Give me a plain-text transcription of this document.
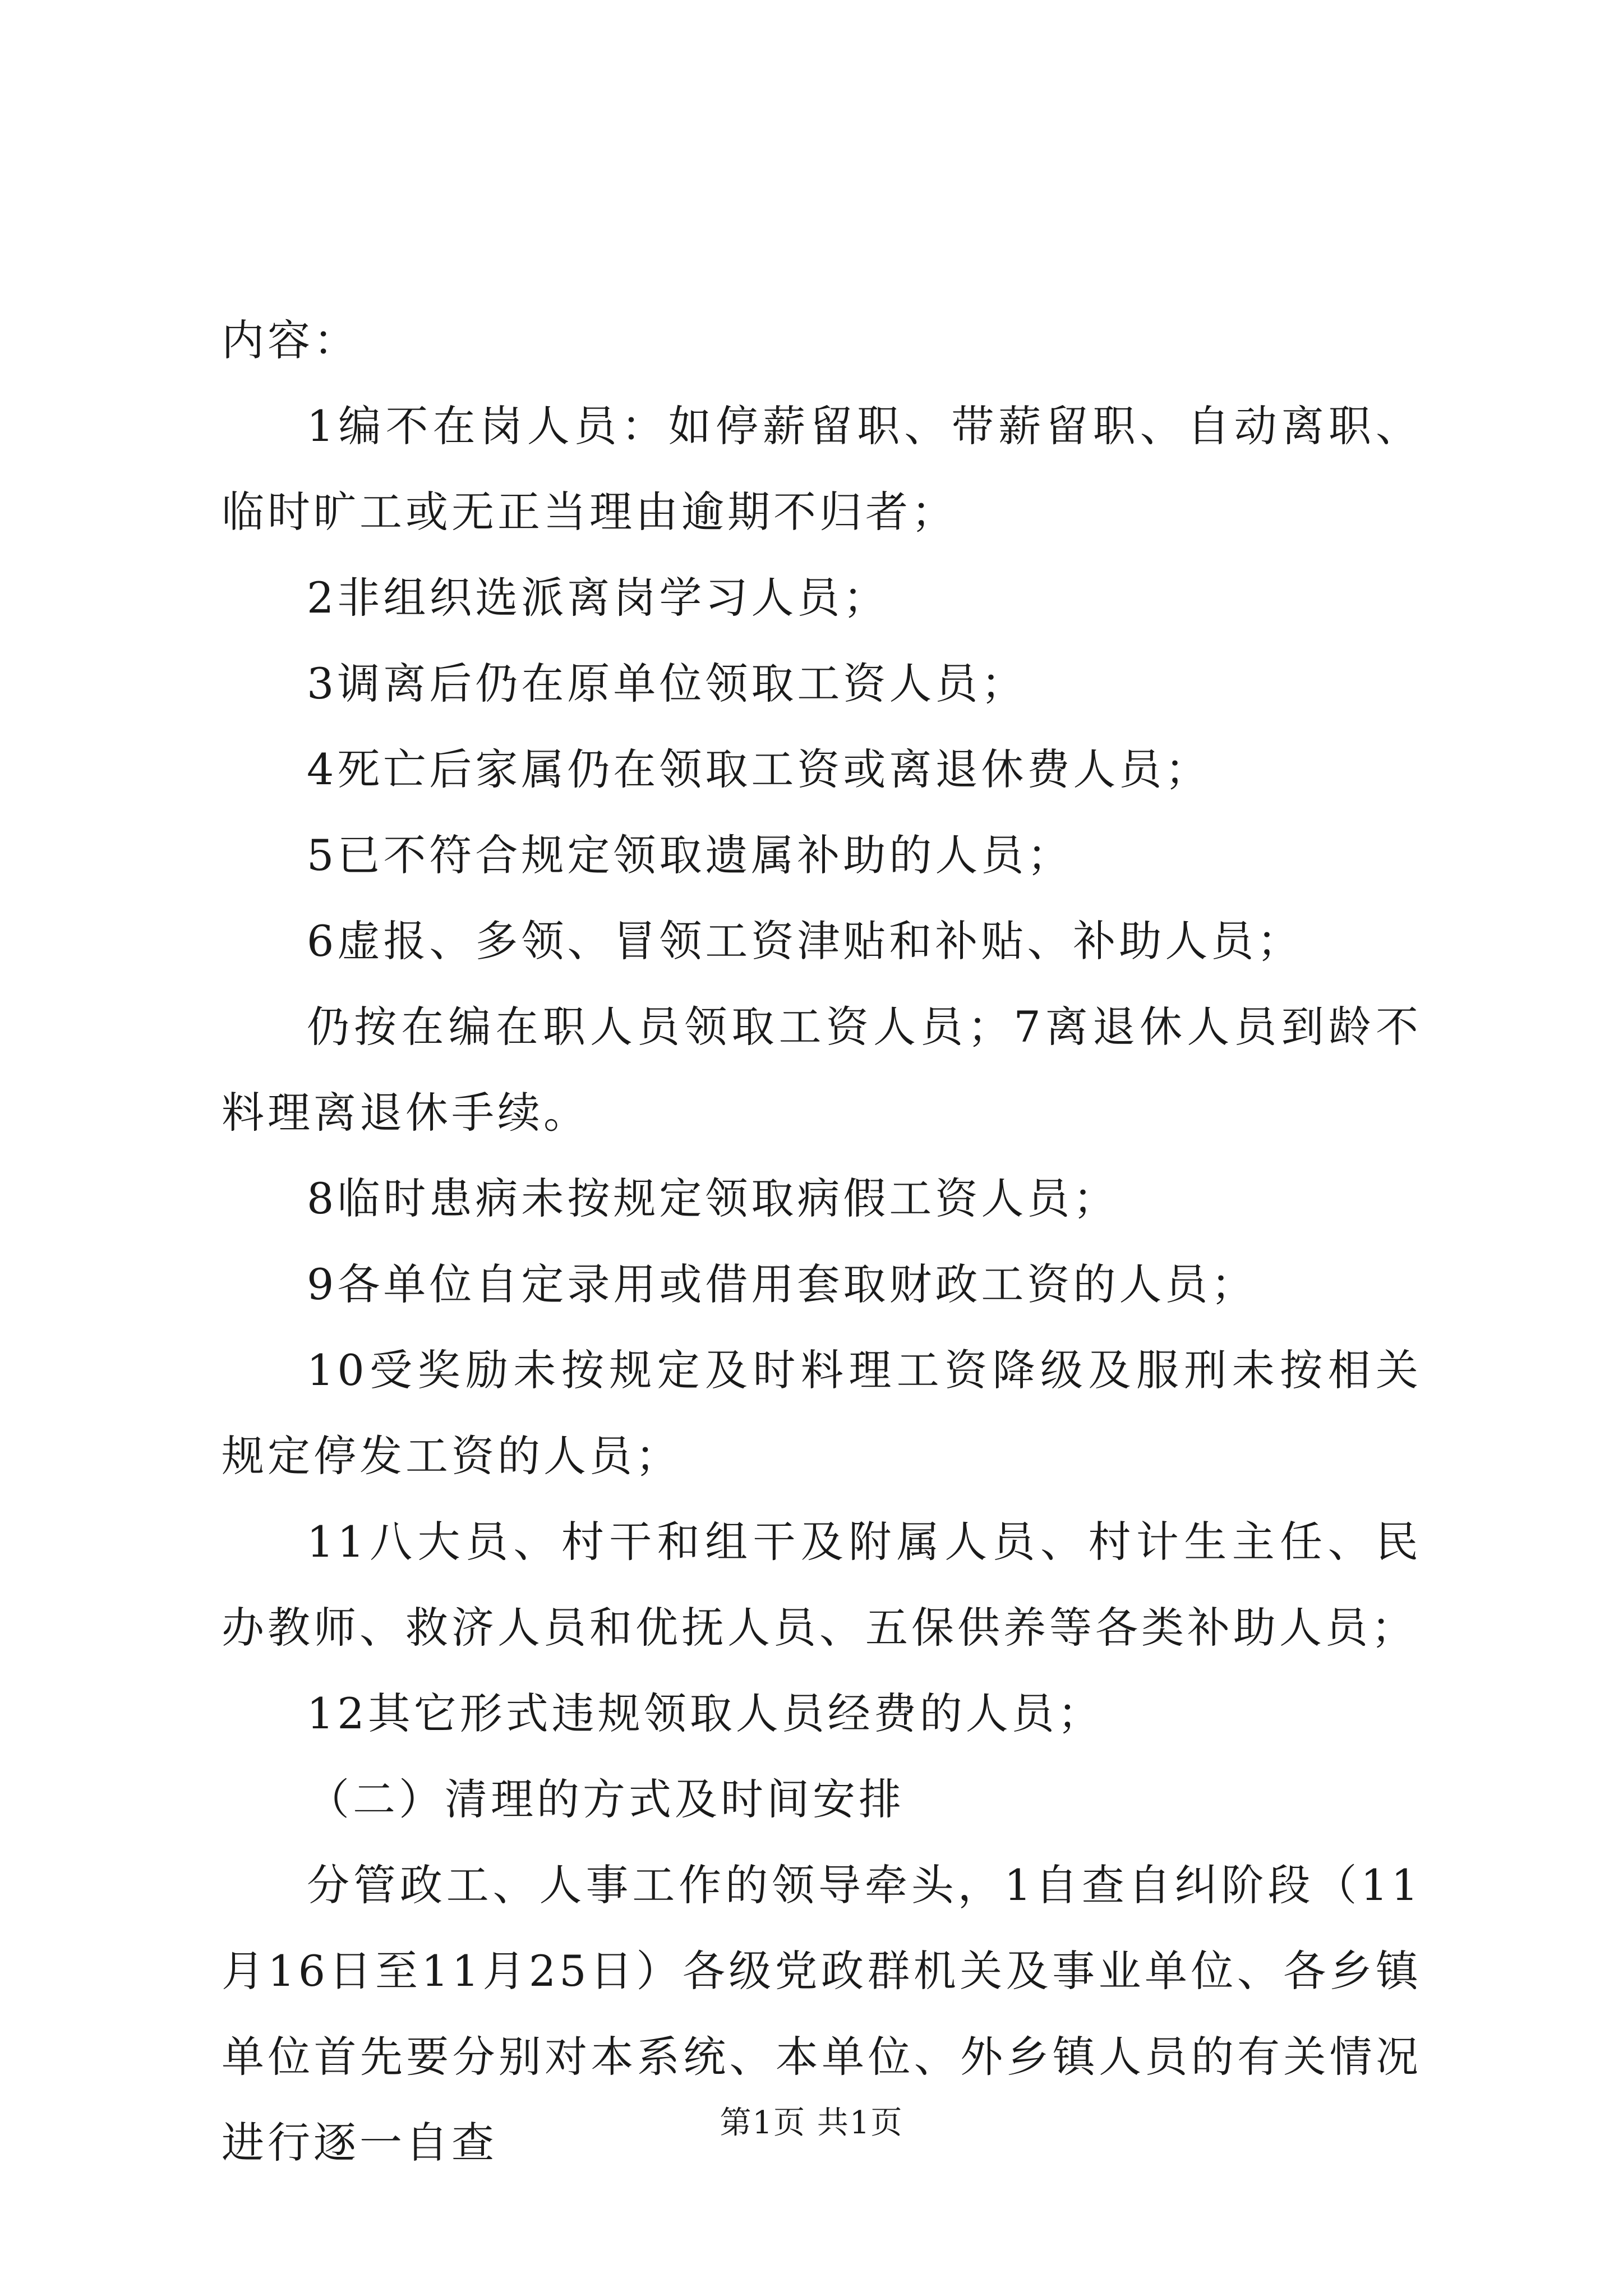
内容：

1编不在岗人员：如停薪留职、带薪留职、自动离职、临时旷工或无正当理由逾期不归者；

2非组织选派离岗学习人员；

3调离后仍在原单位领取工资人员；

4死亡后家属仍在领取工资或离退休费人员；

5已不符合规定领取遗属补助的人员；

6虚报、多领、冒领工资津贴和补贴、补助人员；

仍按在编在职人员领取工资人员；7离退休人员到龄不料理离退休手续。

8临时患病未按规定领取病假工资人员；

9各单位自定录用或借用套取财政工资的人员；

10受奖励未按规定及时料理工资降级及服刑未按相关规定停发工资的人员；

11八大员、村干和组干及附属人员、村计生主任、民办教师、救济人员和优抚人员、五保供养等各类补助人员；

12其它形式违规领取人员经费的人员；

（二）清理的方式及时间安排

分管政工、人事工作的领导牵头，1自查自纠阶段（11月16日至11月25日）各级党政群机关及事业单位、各乡镇单位首先要分别对本系统、本单位、外乡镇人员的有关情况进行逐一自查	第1页 共1页
